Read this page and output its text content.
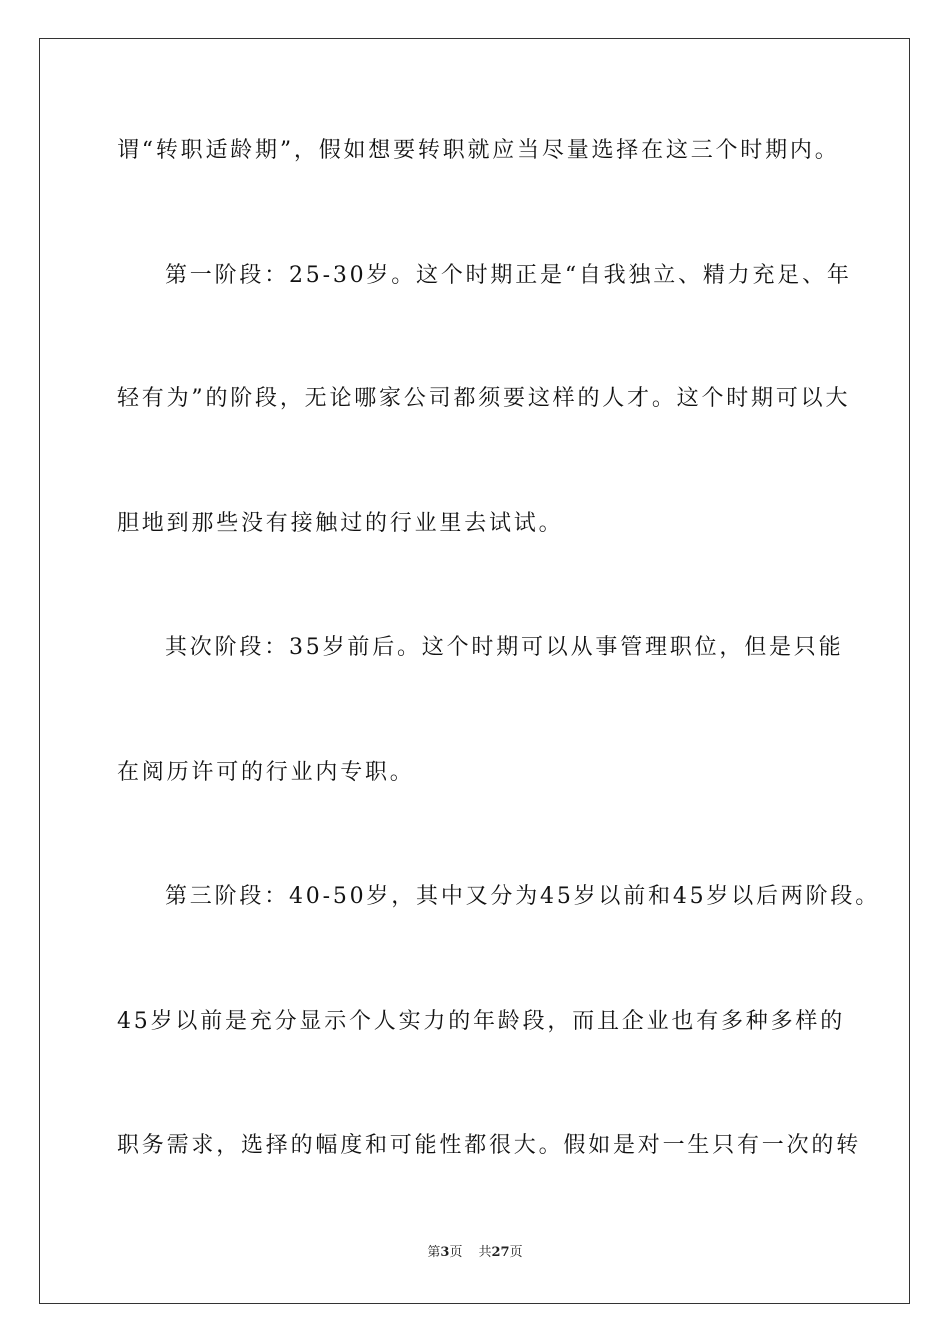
谓“转职适龄期”，假如想要转职就应当尽量选择在这三个时期内。
第一阶段：25-30岁。这个时期正是“自我独立、精力充足、年
轻有为”的阶段，无论哪家公司都须要这样的人才。这个时期可以大
胆地到那些没有接触过的行业里去试试。
其次阶段：35岁前后。这个时期可以从事管理职位，但是只能
在阅历许可的行业内专职。
第三阶段：40-50岁，其中又分为45岁以前和45岁以后两阶段。
45岁以前是充分显示个人实力的年龄段，而且企业也有多种多样的
职务需求，选择的幅度和可能性都很大。假如是对一生只有一次的转
第3页 共27页
